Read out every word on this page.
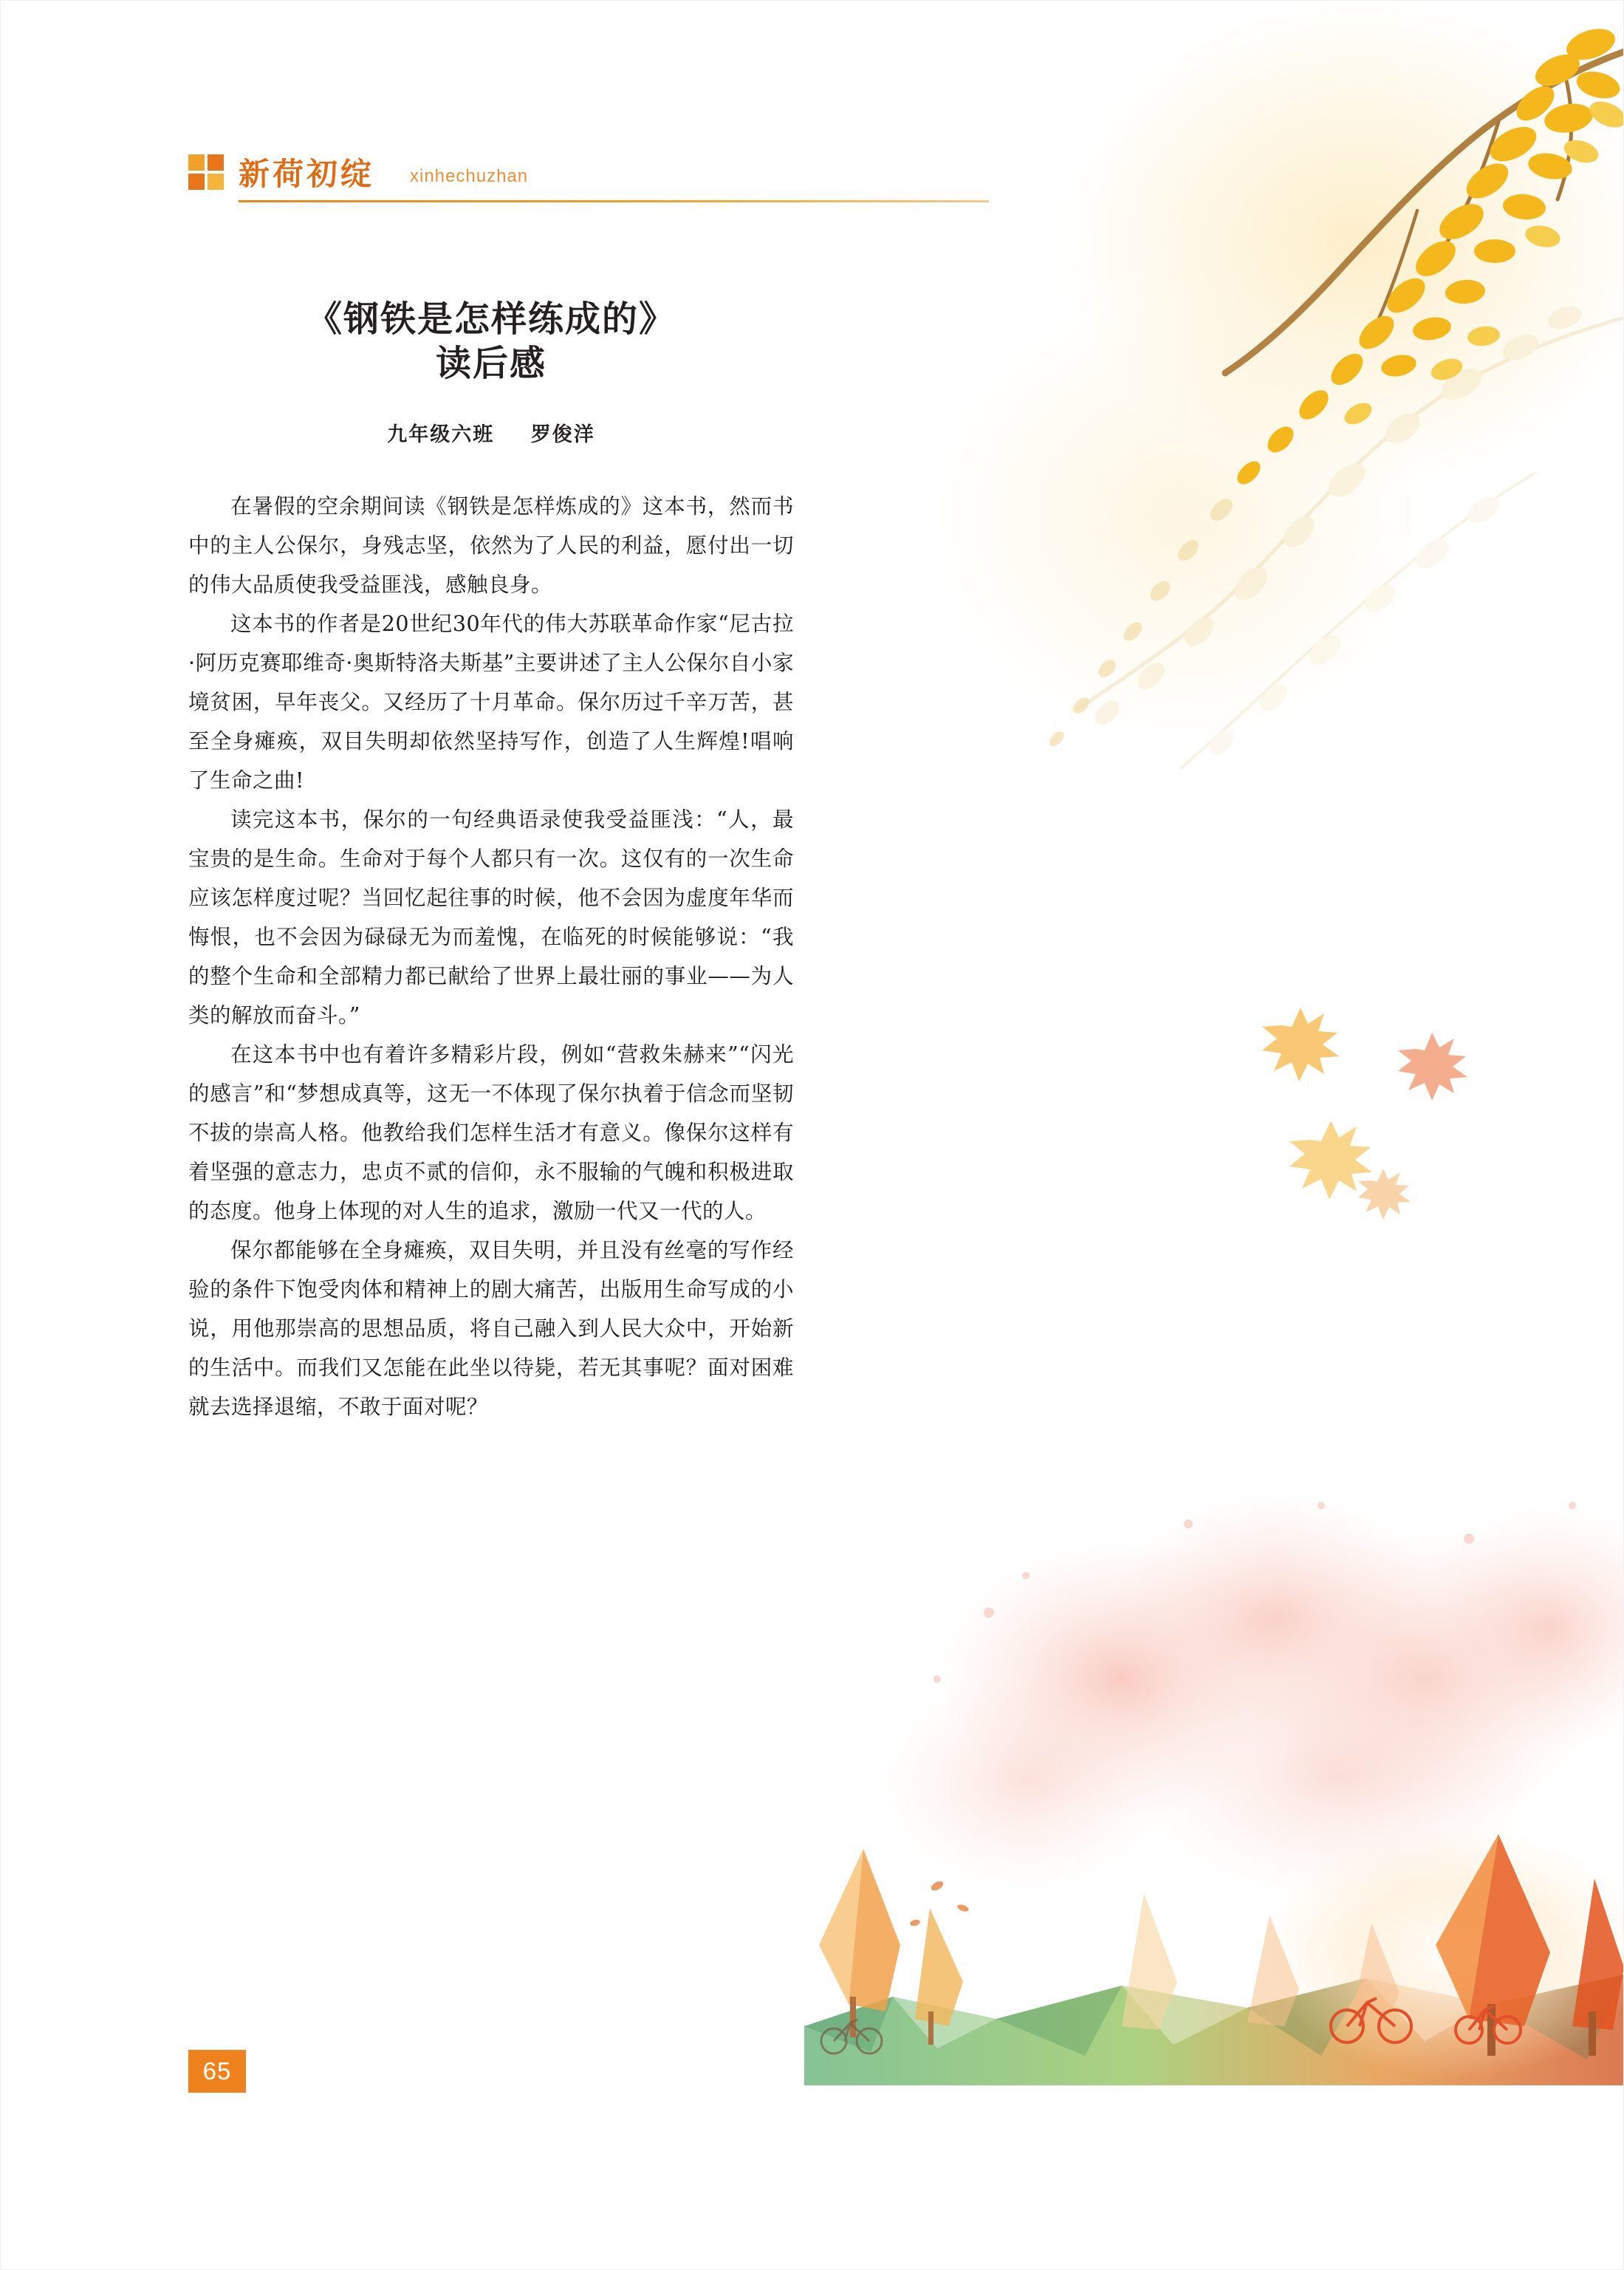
新荷初绽 xinhechuzhan
《钢铁是怎样练成的》
读后感
九年级六班 罗俊洋

在暑假的空余期间读《钢铁是怎样炼成的》这本书，然而书中的主人公保尔，身残志坚，依然为了人民的利益，愿付出一切的伟大品质使我受益匪浅，感触良身。

这本书的作者是20世纪30年代的伟大苏联革命作家“尼古拉·阿历克赛耶维奇·奥斯特洛夫斯基”主要讲述了主人公保尔自小家境贫困，早年丧父。又经历了十月革命。保尔历过千辛万苦，甚至全身瘫痪，双目失明却依然坚持写作，创造了人生辉煌!唱响了生命之曲!

读完这本书，保尔的一句经典语录使我受益匪浅：“人，最宝贵的是生命。生命对于每个人都只有一次。这仅有的一次生命应该怎样度过呢？当回忆起往事的时候，他不会因为虚度年华而悔恨，也不会因为碌碌无为而羞愧，在临死的时候能够说：“我的整个生命和全部精力都已献给了世界上最壮丽的事业——为人类的解放而奋斗。”

在这本书中也有着许多精彩片段，例如“营救朱赫来”“闪光的感言”和“梦想成真等，这无一不体现了保尔执着于信念而坚韧不拔的崇高人格。他教给我们怎样生活才有意义。像保尔这样有着坚强的意志力，忠贞不贰的信仰，永不服输的气魄和积极进取的态度。他身上体现的对人生的追求，激励一代又一代的人。

保尔都能够在全身瘫痪，双目失明，并且没有丝毫的写作经验的条件下饱受肉体和精神上的剧大痛苦，出版用生命写成的小说，用他那崇高的思想品质，将自己融入到人民大众中，开始新的生活中。而我们又怎能在此坐以待毙，若无其事呢？面对困难就去选择退缩，不敢于面对呢？

65
